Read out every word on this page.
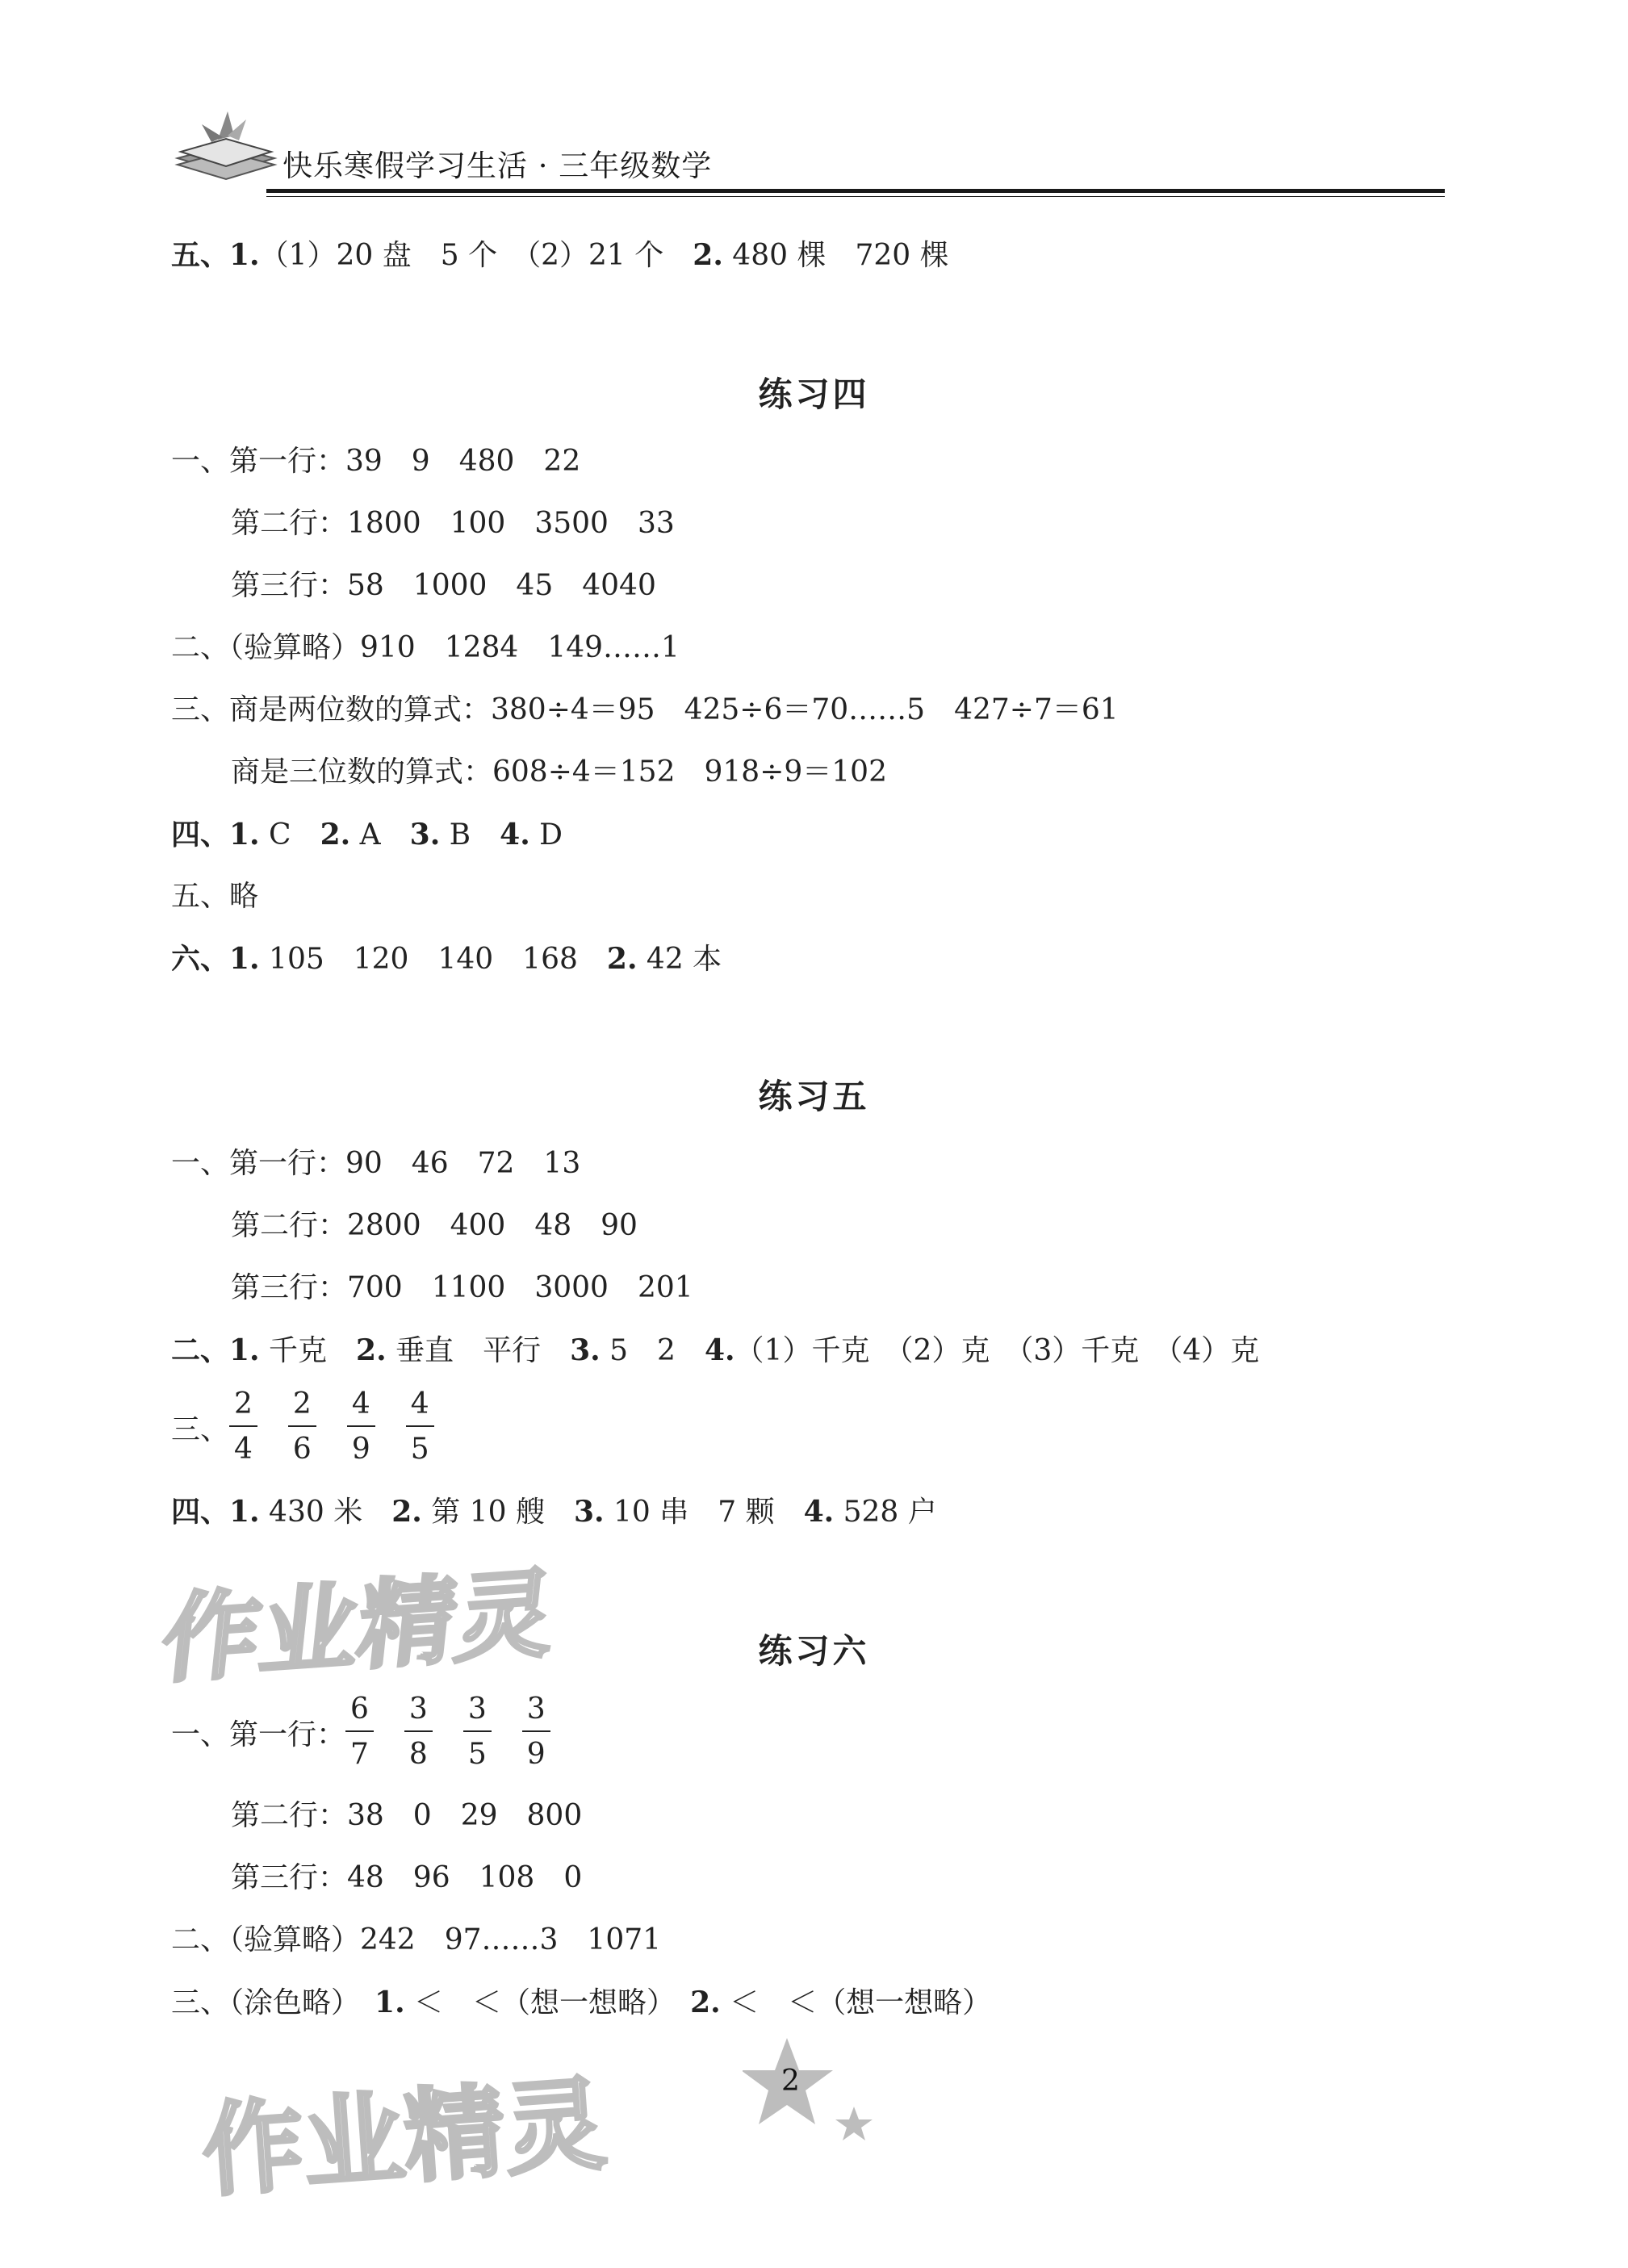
快乐寒假学习生活 · 三年级数学
五、1.（1）20 盘　5 个　（2）21 个　2. 480 棵　720 棵
练习四
一、第一行：39　9　480　22
第二行：1800　100　3500　33
第三行：58　1000　45　4040
二、（验算略）910　1284　149……1
三、商是两位数的算式：380÷4＝95　425÷6＝70……5　427÷7＝61
商是三位数的算式：608÷4＝152　918÷9＝102
四、1. C　2. A　3. B　4. D
五、略
六、1. 105　120　140　168　2. 42 本
练习五
一、第一行：90　46　72　13
第二行：2800　400　48　90
第三行：700　1100　3000　201
二、1. 千克　2. 垂直　平行　3. 5　2　4.（1）千克　（2）克　（3）千克　（4）克
三、 $\frac{2}{4} \frac{2}{6} \frac{4}{9} \frac{4}{5}$
四、1. 430 米　2. 第 10 艘　3. 10 串　7 颗　4. 528 户
作业精灵	练习六
一、第一行： $\frac{6}{7} \frac{3}{8} \frac{3}{5} \frac{3}{9}$
第二行：38　0　29　800
第三行：48　96　108　0
二、（验算略）242　97……3　1071
三、（涂色略）　1. ＜　＜（想一想略）　2. ＜　＜（想一想略）
2
作业精灵
